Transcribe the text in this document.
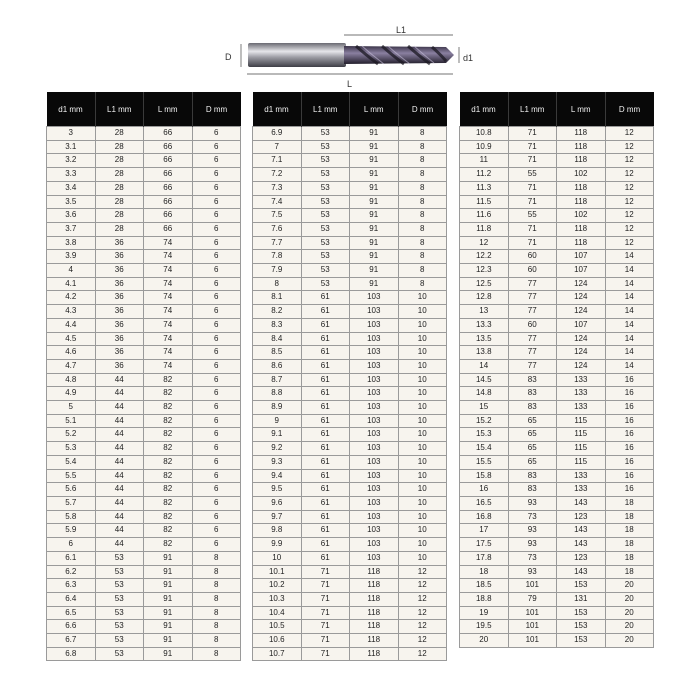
L1
D	d1
L
d1 mm	L1 mm	L mm	D mm
3	28	66	6
3.1	28	66	6
3.2	28	66	6
3.3	28	66	6
3.4	28	66	6
3.5	28	66	6
3.6	28	66	6
3.7	28	66	6
3.8	36	74	6
3.9	36	74	6
4	36	74	6
4.1	36	74	6
4.2	36	74	6
4.3	36	74	6
4.4	36	74	6
4.5	36	74	6
4.6	36	74	6
4.7	36	74	6
4.8	44	82	6
4.9	44	82	6
5	44	82	6
5.1	44	82	6
5.2	44	82	6
5.3	44	82	6
5.4	44	82	6
5.5	44	82	6
5.6	44	82	6
5.7	44	82	6
5.8	44	82	6
5.9	44	82	6
6	44	82	6
6.1	53	91	8
6.2	53	91	8
6.3	53	91	8
6.4	53	91	8
6.5	53	91	8
6.6	53	91	8
6.7	53	91	8
6.8	53	91	8
d1 mm	L1 mm	L mm	D mm
6.9	53	91	8
7	53	91	8
7.1	53	91	8
7.2	53	91	8
7.3	53	91	8
7.4	53	91	8
7.5	53	91	8
7.6	53	91	8
7.7	53	91	8
7.8	53	91	8
7.9	53	91	8
8	53	91	8
8.1	61	103	10
8.2	61	103	10
8.3	61	103	10
8.4	61	103	10
8.5	61	103	10
8.6	61	103	10
8.7	61	103	10
8.8	61	103	10
8.9	61	103	10
9	61	103	10
9.1	61	103	10
9.2	61	103	10
9.3	61	103	10
9.4	61	103	10
9.5	61	103	10
9.6	61	103	10
9.7	61	103	10
9.8	61	103	10
9.9	61	103	10
10	61	103	10
10.1	71	118	12
10.2	71	118	12
10.3	71	118	12
10.4	71	118	12
10.5	71	118	12
10.6	71	118	12
10.7	71	118	12
d1 mm	L1 mm	L mm	D mm
10.8	71	118	12
10.9	71	118	12
11	71	118	12
11.2	55	102	12
11.3	71	118	12
11.5	71	118	12
11.6	55	102	12
11.8	71	118	12
12	71	118	12
12.2	60	107	14
12.3	60	107	14
12.5	77	124	14
12.8	77	124	14
13	77	124	14
13.3	60	107	14
13.5	77	124	14
13.8	77	124	14
14	77	124	14
14.5	83	133	16
14.8	83	133	16
15	83	133	16
15.2	65	115	16
15.3	65	115	16
15.4	65	115	16
15.5	65	115	16
15.8	83	133	16
16	83	133	16
16.5	93	143	18
16.8	73	123	18
17	93	143	18
17.5	93	143	18
17.8	73	123	18
18	93	143	18
18.5	101	153	20
18.8	79	131	20
19	101	153	20
19.5	101	153	20
20	101	153	20
